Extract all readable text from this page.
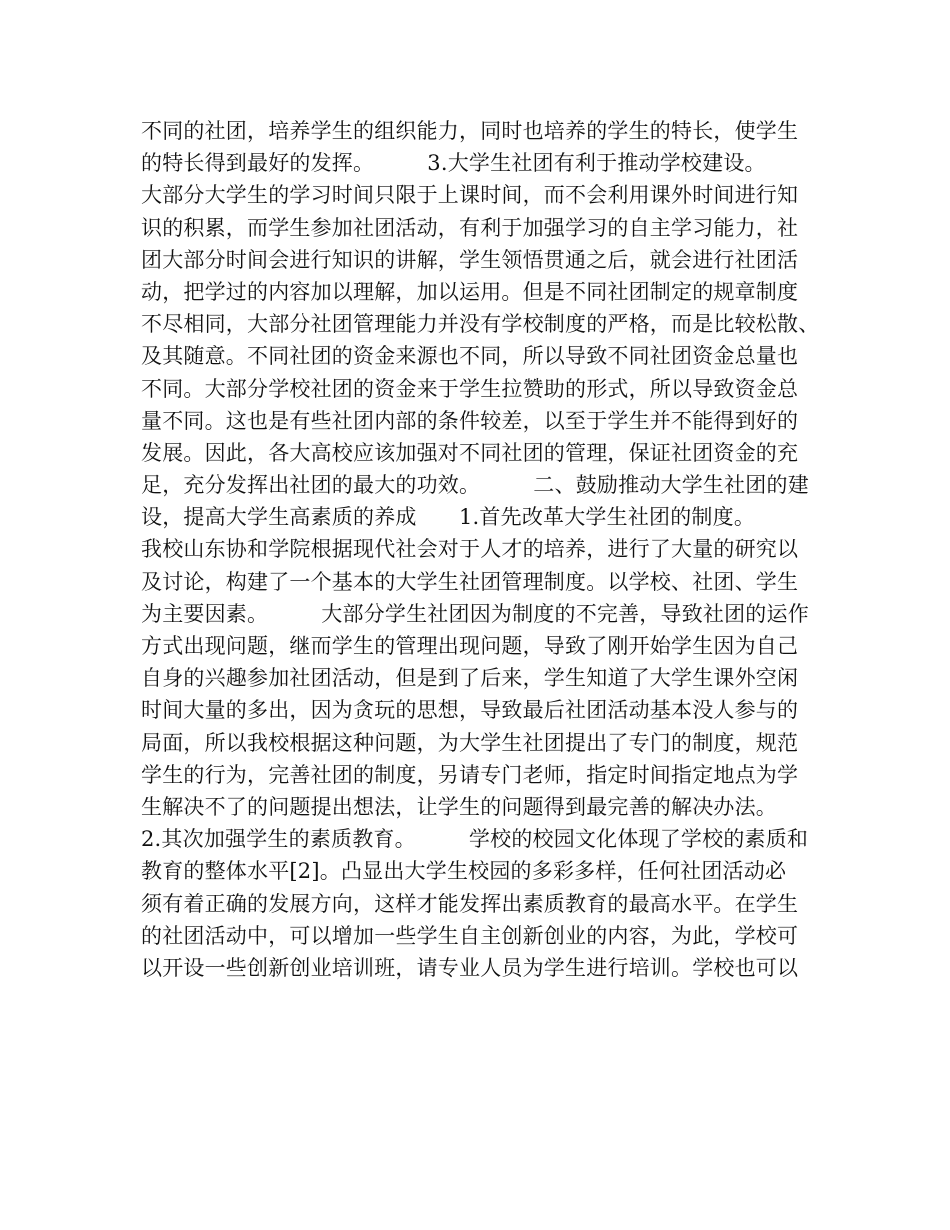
不同的社团，培养学生的组织能力，同时也培养的学生的特长，使学生
的特长得到最好的发挥。　　　3.大学生社团有利于推动学校建设。
大部分大学生的学习时间只限于上课时间，而不会利用课外时间进行知
识的积累，而学生参加社团活动，有利于加强学习的自主学习能力，社
团大部分时间会进行知识的讲解，学生领悟贯通之后，就会进行社团活
动，把学过的内容加以理解，加以运用。但是不同社团制定的规章制度
不尽相同，大部分社团管理能力并没有学校制度的严格，而是比较松散、
及其随意。不同社团的资金来源也不同，所以导致不同社团资金总量也
不同。大部分学校社团的资金来于学生拉赞助的形式，所以导致资金总
量不同。这也是有些社团内部的条件较差，以至于学生并不能得到好的
发展。因此，各大高校应该加强对不同社团的管理，保证社团资金的充
足，充分发挥出社团的最大的功效。　　　二、鼓励推动大学生社团的建
设，提高大学生高素质的养成　　1.首先改革大学生社团的制度。
我校山东协和学院根据现代社会对于人才的培养，进行了大量的研究以
及讨论，构建了一个基本的大学生社团管理制度。以学校、社团、学生
为主要因素。　　　大部分学生社团因为制度的不完善，导致社团的运作
方式出现问题，继而学生的管理出现问题，导致了刚开始学生因为自己
自身的兴趣参加社团活动，但是到了后来，学生知道了大学生课外空闲
时间大量的多出，因为贪玩的思想，导致最后社团活动基本没人参与的
局面，所以我校根据这种问题，为大学生社团提出了专门的制度，规范
学生的行为，完善社团的制度，另请专门老师，指定时间指定地点为学
生解决不了的问题提出想法，让学生的问题得到最完善的解决办法。
2.其次加强学生的素质教育。　　　学校的校园文化体现了学校的素质和
教育的整体水平[2]。凸显出大学生校园的多彩多样，任何社团活动必
须有着正确的发展方向，这样才能发挥出素质教育的最高水平。在学生
的社团活动中，可以增加一些学生自主创新创业的内容，为此，学校可
以开设一些创新创业培训班，请专业人员为学生进行培训。学校也可以
